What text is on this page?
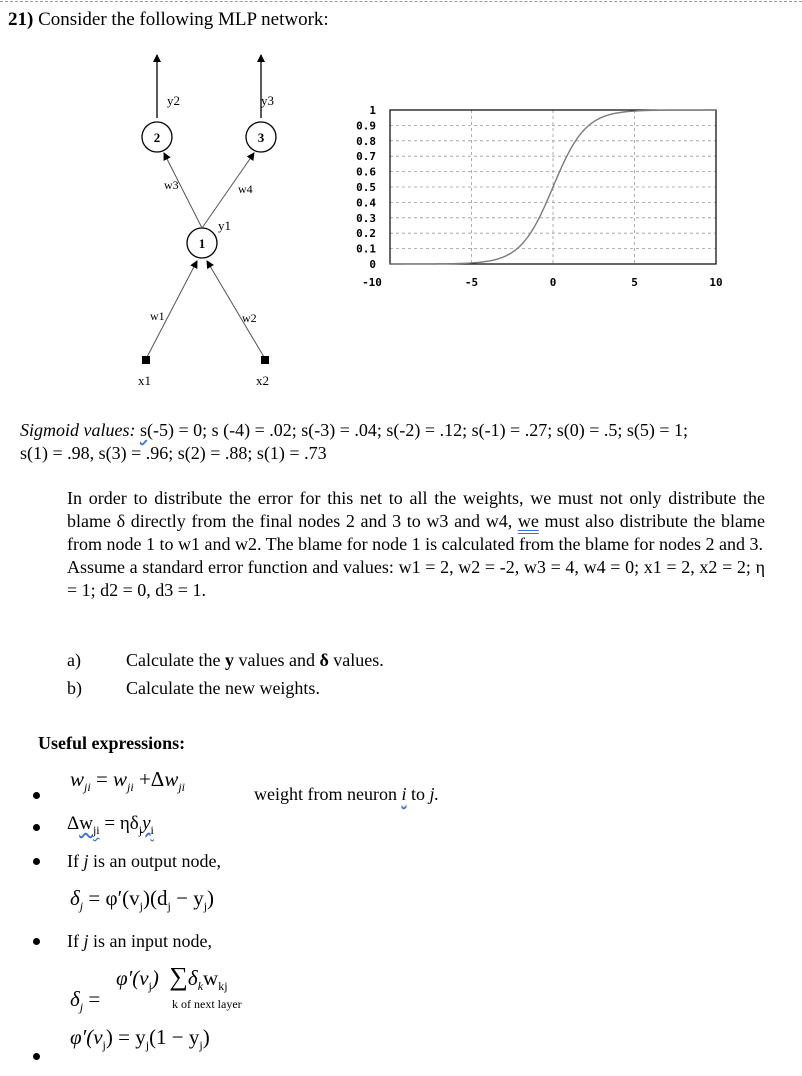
21) Consider the following MLP network:
2	3
1
y2	y3
w3	w4
y1
w1	w2
x1	x2
1
0.9
0.8
0.7
0.6
0.5
0.4
0.3
0.2
0.1
0
-10	-5	0	5	10
Sigmoid values: s(-5) = 0; s (-4) = .02; s(-3) = .04; s(-2) = .12; s(-1) = .27; s(0) = .5; s(5) = 1;
s(1) = .98, s(3) = .96; s(2) = .88; s(1) = .73

In order to distribute the error for this net to all the weights, we must not only distribute the blame δ directly from the final nodes 2 and 3 to w3 and w4, we must also distribute the blame from node 1 to w1 and w2. The blame for node 1 is calculated from the blame for nodes 2 and 3.

Assume a standard error function and values: w1 = 2, w2 = -2, w3 = 4, w4 = 0; x1 = 2, x2 = 2; η = 1; d2 = 0, d3 = 1.

a)	Calculate the y values and δ values.
b) Calculate the new weights.
Useful expressions:
$w_{ji} = w_{ji} +\Delta w_{ji}$	weight from neuron i to j.
$\Delta w_{ji} = \eta\delta_jy_i$
If j is an output node,
$\delta_j = \varphi'(v_j)(d_j - y_j)$
If j is an input node,
$\varphi'(v_j)$ $\sum\delta_kw_{kj}$
$\delta_j$ =	k of next layer
$\varphi'(v_j) = y_j(1 - y_j)$
